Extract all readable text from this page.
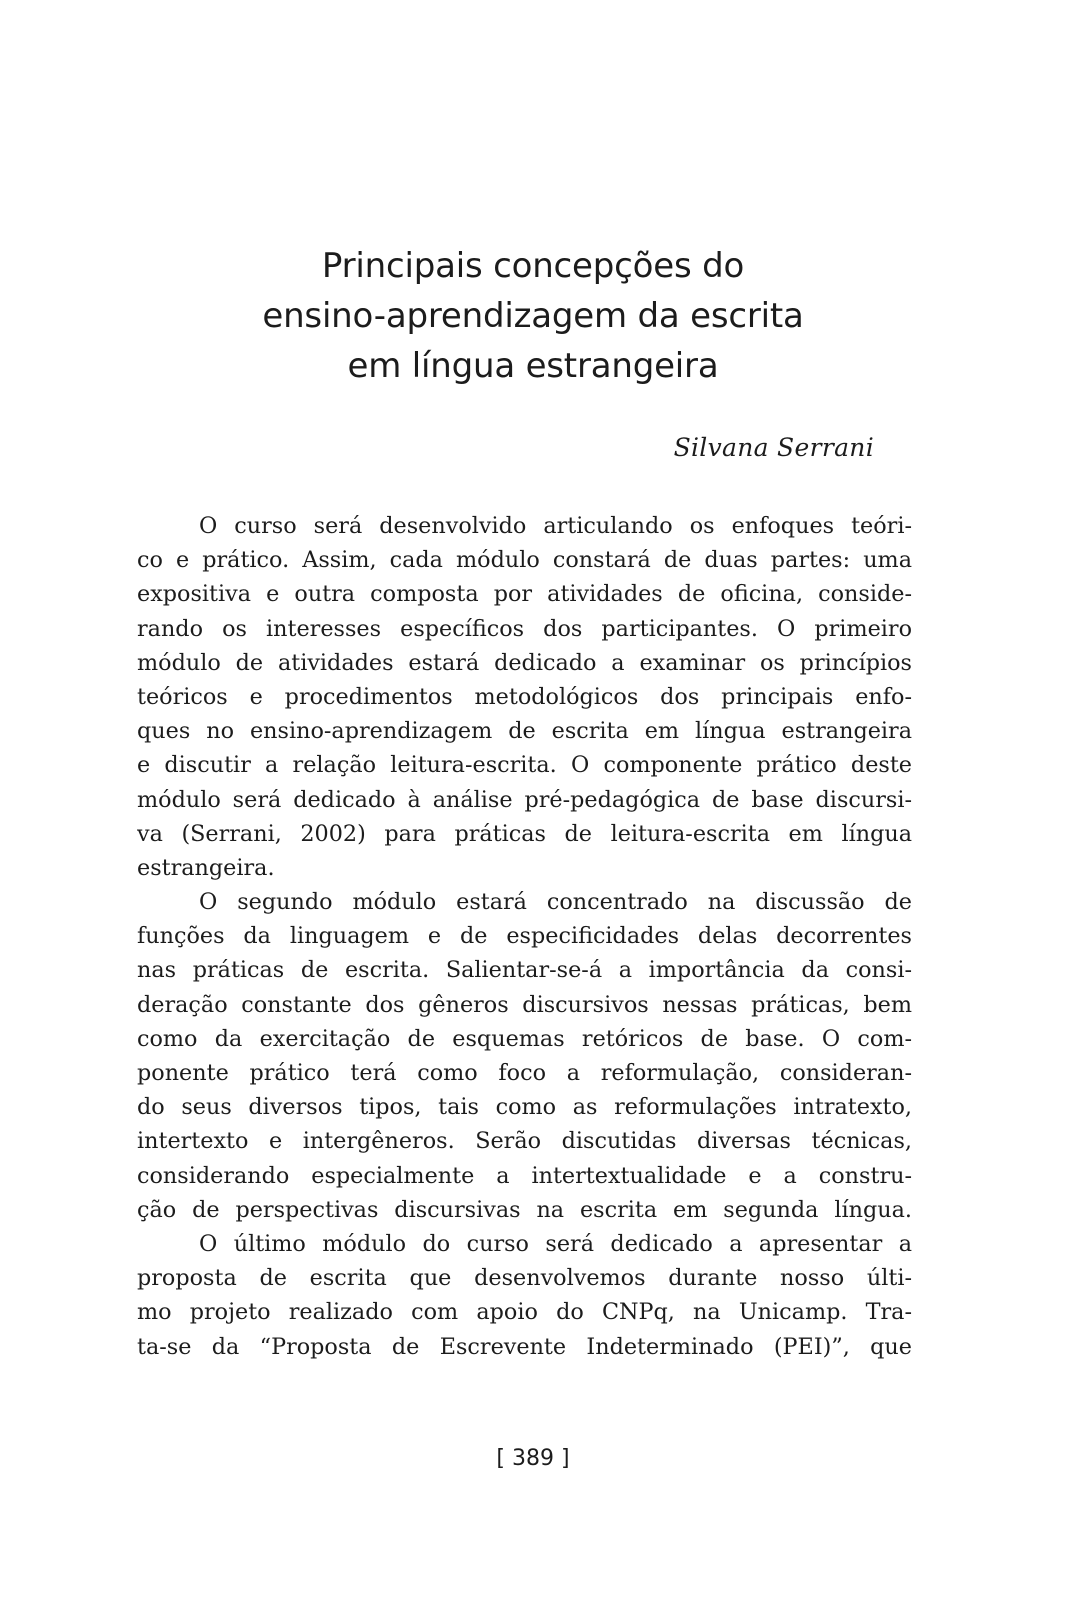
Principais concepções do
ensino-aprendizagem da escrita
em língua estrangeira
Silvana Serrani
O curso será desenvolvido articulando os enfoques teóri-
co e prático. Assim, cada módulo constará de duas partes: uma
expositiva e outra composta por atividades de oficina, conside-
rando os interesses específicos dos participantes. O primeiro
módulo de atividades estará dedicado a examinar os princípios
teóricos e procedimentos metodológicos dos principais enfo-
ques no ensino-aprendizagem de escrita em língua estrangeira
e discutir a relação leitura-escrita. O componente prático deste
módulo será dedicado à análise pré-pedagógica de base discursi-
va (Serrani, 2002) para práticas de leitura-escrita em língua
estrangeira.
O segundo módulo estará concentrado na discussão de
funções da linguagem e de especificidades delas decorrentes
nas práticas de escrita. Salientar-se-á a importância da consi-
deração constante dos gêneros discursivos nessas práticas, bem
como da exercitação de esquemas retóricos de base. O com-
ponente prático terá como foco a reformulação, consideran-
do seus diversos tipos, tais como as reformulações intratexto,
intertexto e intergêneros. Serão discutidas diversas técnicas,
considerando especialmente a intertextualidade e a constru-
ção de perspectivas discursivas na escrita em segunda língua.
O último módulo do curso será dedicado a apresentar a
proposta de escrita que desenvolvemos durante nosso últi-
mo projeto realizado com apoio do CNPq, na Unicamp. Tra-
ta-se da “Proposta de Escrevente Indeterminado (PEI)”, que
[ 389 ]
